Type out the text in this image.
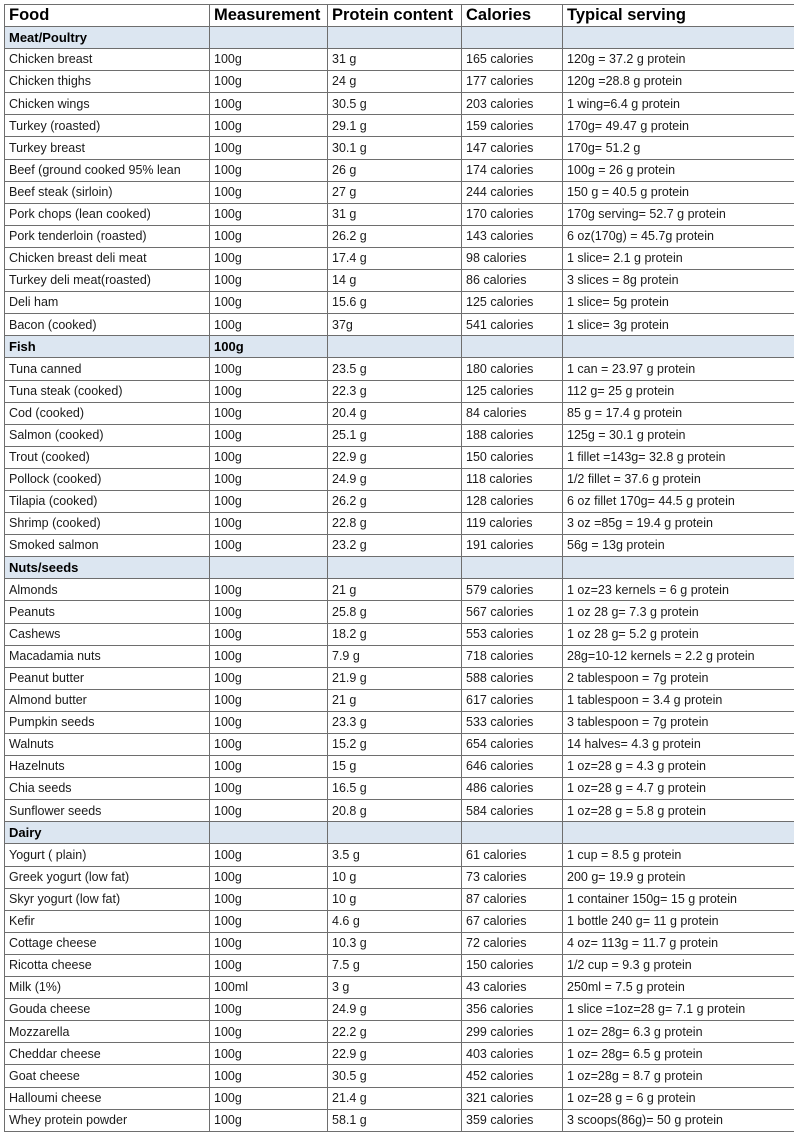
Food	Measurement	Protein content	Calories	Typical serving
Meat/Poultry				
Chicken breast	100g	31 g	165 calories	120g = 37.2 g protein
Chicken thighs	100g	24 g	177 calories	120g =28.8 g protein
Chicken wings	100g	30.5 g	203 calories	1 wing=6.4 g protein
Turkey (roasted)	100g	29.1 g	159 calories	170g= 49.47 g protein
Turkey breast	100g	30.1 g	147 calories	170g= 51.2 g
Beef (ground cooked 95% lean	100g	26 g	174 calories	100g = 26 g protein
Beef steak (sirloin)	100g	27 g	244 calories	150 g = 40.5 g protein
Pork chops (lean cooked)	100g	31 g	170 calories	170g serving= 52.7 g protein
Pork tenderloin (roasted)	100g	26.2 g	143 calories	6 oz(170g) = 45.7g protein
Chicken breast deli meat	100g	17.4 g	98 calories	1 slice= 2.1 g protein
Turkey deli meat(roasted)	100g	14 g	86 calories	3 slices = 8g protein
Deli ham	100g	15.6 g	125 calories	1 slice= 5g protein
Bacon (cooked)	100g	37g	541 calories	1 slice= 3g protein
Fish	100g			
Tuna canned	100g	23.5 g	180 calories	1 can = 23.97 g protein
Tuna steak (cooked)	100g	22.3 g	125 calories	112 g= 25 g protein
Cod (cooked)	100g	20.4 g	84 calories	85 g = 17.4 g protein
Salmon (cooked)	100g	25.1 g	188 calories	125g = 30.1 g protein
Trout (cooked)	100g	22.9 g	150 calories	1 fillet =143g= 32.8 g protein
Pollock (cooked)	100g	24.9 g	118 calories	1/2 fillet = 37.6 g protein
Tilapia (cooked)	100g	26.2 g	128 calories	6 oz fillet 170g= 44.5 g protein
Shrimp (cooked)	100g	22.8 g	119 calories	3 oz =85g = 19.4 g protein
Smoked salmon	100g	23.2 g	191 calories	56g = 13g protein
Nuts/seeds				
Almonds	100g	21 g	579 calories	1 oz=23 kernels = 6 g protein
Peanuts	100g	25.8 g	567 calories	1 oz 28 g= 7.3 g protein
Cashews	100g	18.2 g	553 calories	1 oz 28 g= 5.2 g protein
Macadamia nuts	100g	7.9 g	718 calories	28g=10-12 kernels = 2.2 g protein
Peanut butter	100g	21.9 g	588 calories	2 tablespoon = 7g protein
Almond butter	100g	21 g	617 calories	1 tablespoon = 3.4 g protein
Pumpkin seeds	100g	23.3 g	533 calories	3 tablespoon = 7g protein
Walnuts	100g	15.2 g	654 calories	14 halves= 4.3 g protein
Hazelnuts	100g	15 g	646 calories	1 oz=28 g = 4.3 g protein
Chia seeds	100g	16.5 g	486 calories	1 oz=28 g = 4.7 g protein
Sunflower seeds	100g	20.8 g	584 calories	1 oz=28 g = 5.8 g protein
Dairy				
Yogurt ( plain)	100g	3.5 g	61 calories	1 cup = 8.5 g protein
Greek yogurt (low fat)	100g	10 g	73 calories	200 g= 19.9 g protein
Skyr yogurt (low fat)	100g	10 g	87 calories	1 container 150g= 15 g protein
Kefir	100g	4.6 g	67 calories	1 bottle 240 g= 11 g protein
Cottage cheese	100g	10.3 g	72 calories	4 oz= 113g = 11.7 g protein
Ricotta cheese	100g	7.5 g	150 calories	1/2 cup = 9.3 g protein
Milk (1%)	100ml	3 g	43 calories	250ml = 7.5 g protein
Gouda cheese	100g	24.9 g	356 calories	1 slice =1oz=28 g= 7.1 g protein
Mozzarella	100g	22.2 g	299 calories	1 oz= 28g= 6.3 g protein
Cheddar cheese	100g	22.9 g	403 calories	1 oz= 28g= 6.5 g protein
Goat cheese	100g	30.5 g	452 calories	1 oz=28g = 8.7 g protein
Halloumi cheese	100g	21.4 g	321 calories	1 oz=28 g = 6 g protein
Whey protein powder	100g	58.1 g	359 calories	3 scoops(86g)= 50 g protein
